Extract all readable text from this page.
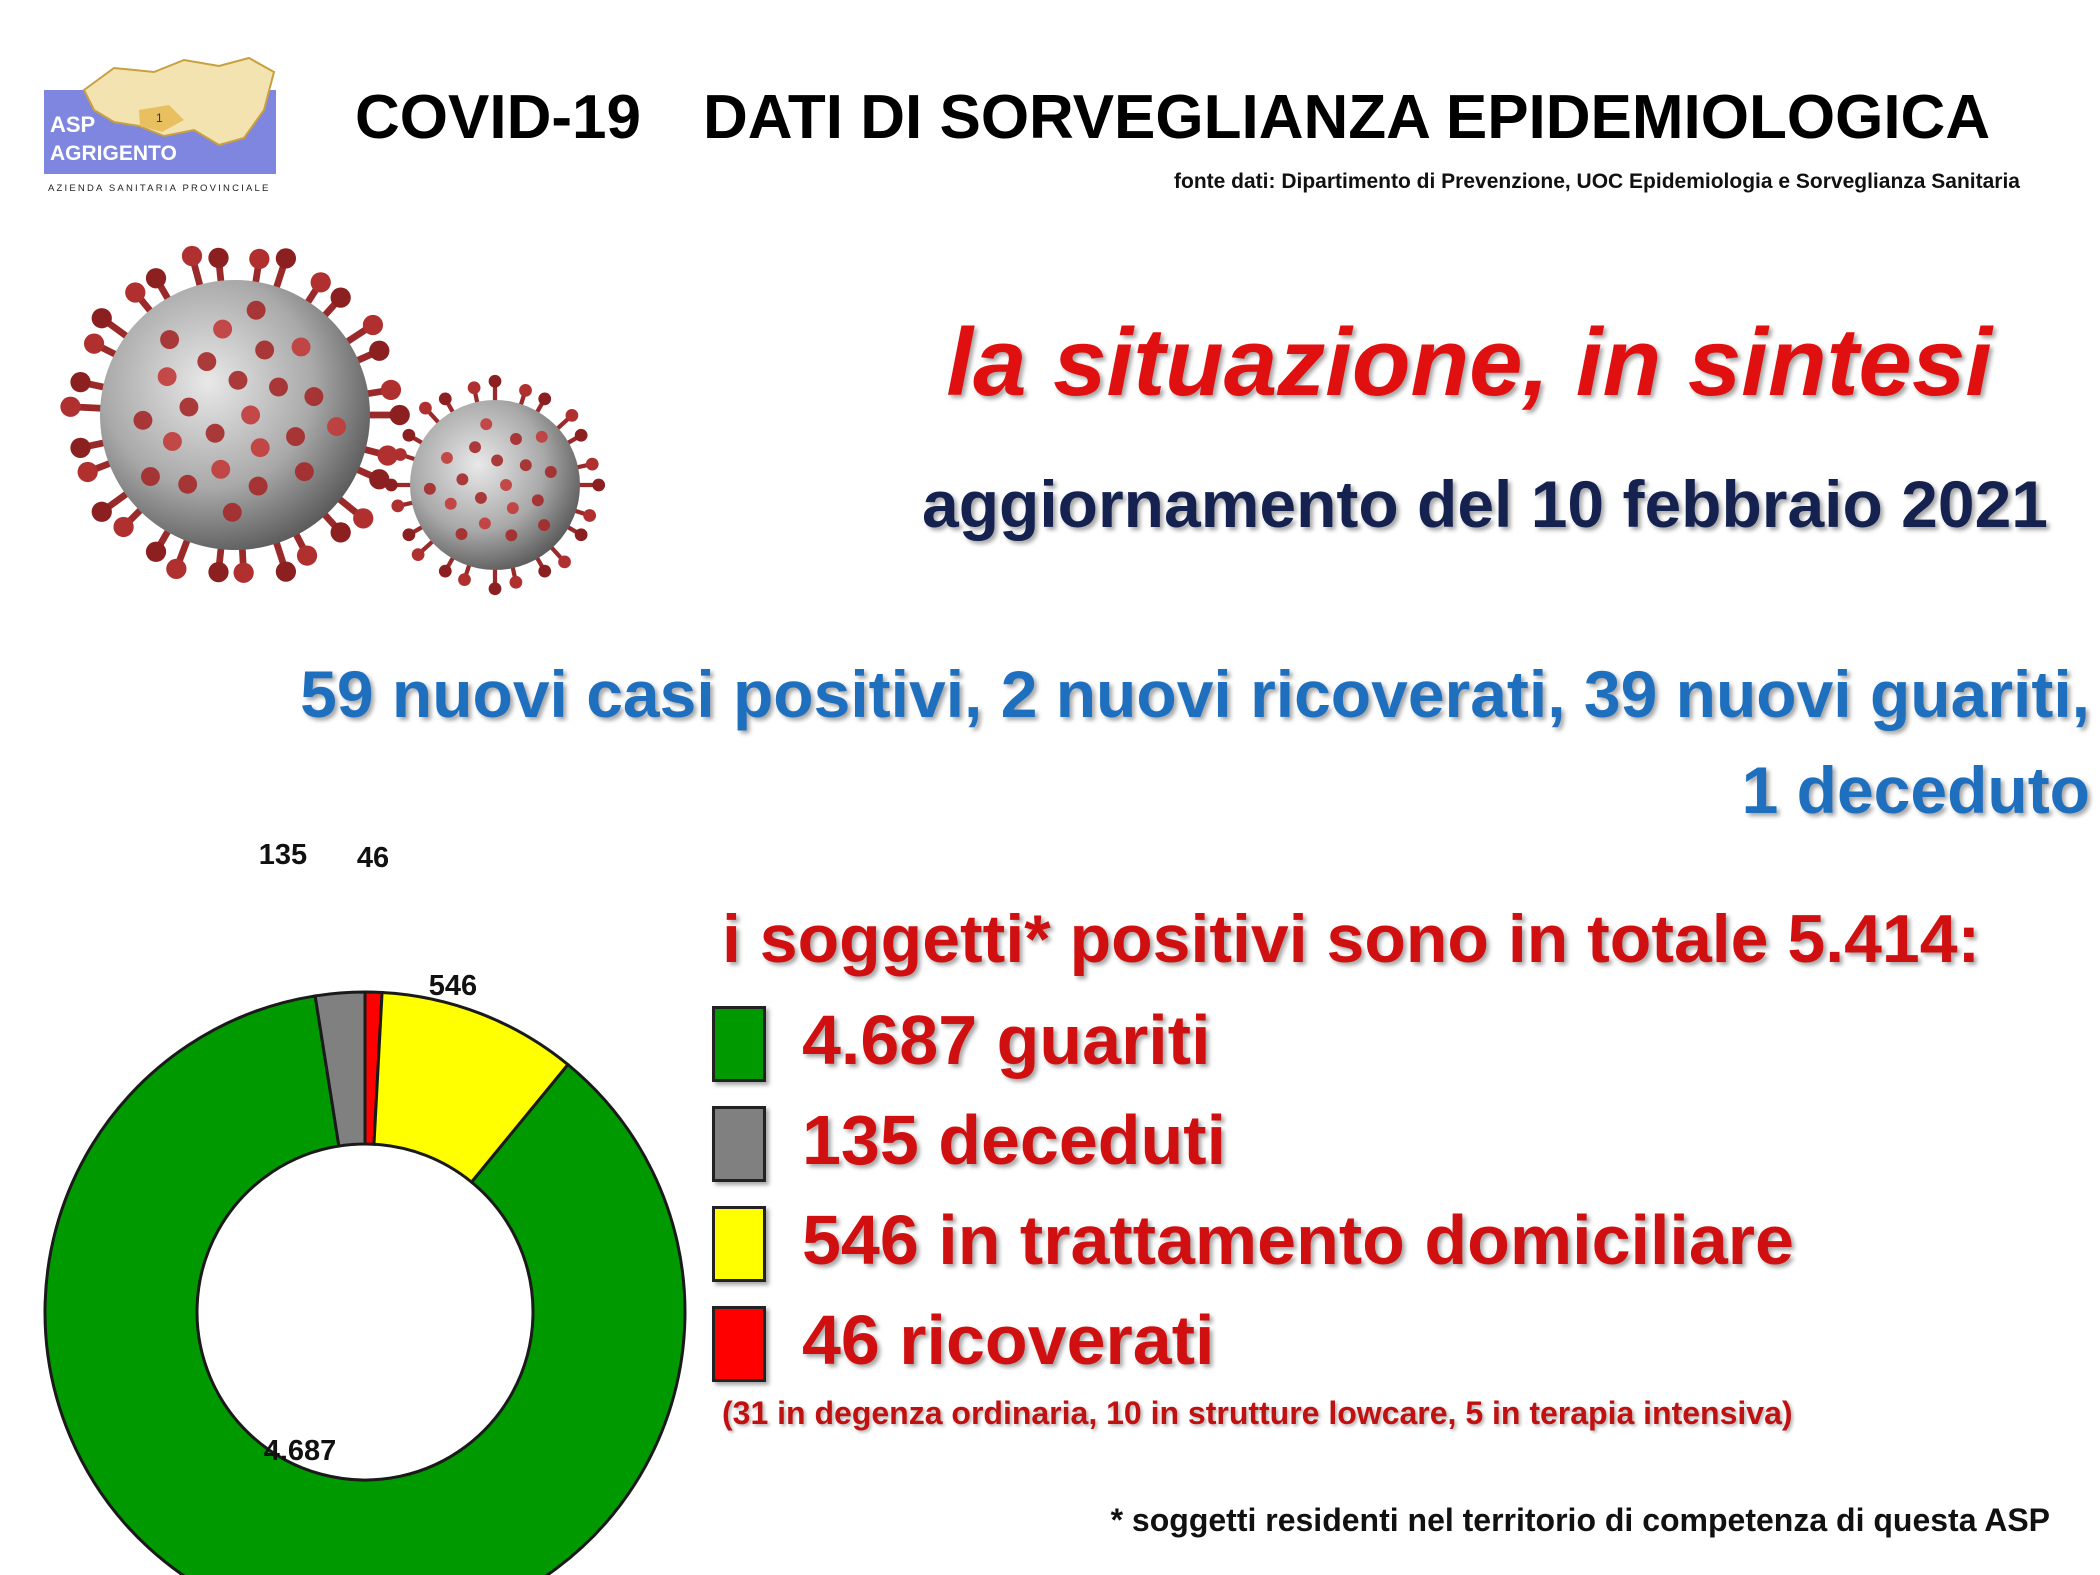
1
ASP
AGRIGENTO
AZIENDA SANITARIA PROVINCIALE
COVID-19 DATI DI SORVEGLIANZA EPIDEMIOLOGICA
fonte dati: Dipartimento di Prevenzione, UOC Epidemiologia e Sorveglianza Sanitaria
la situazione, in sintesi
aggiornamento del 10 febbraio 2021
59 nuovi casi positivi, 2 nuovi ricoverati, 39 nuovi guariti,
1 deceduto
i soggetti* positivi sono in totale 5.414:
4.687 guariti
135 deceduti
546 in trattamento domiciliare
46 ricoverati
(31 in degenza ordinaria, 10 in strutture lowcare, 5 in terapia intensiva)
* soggetti residenti nel territorio di competenza di questa ASP
4.687
135
546
46
